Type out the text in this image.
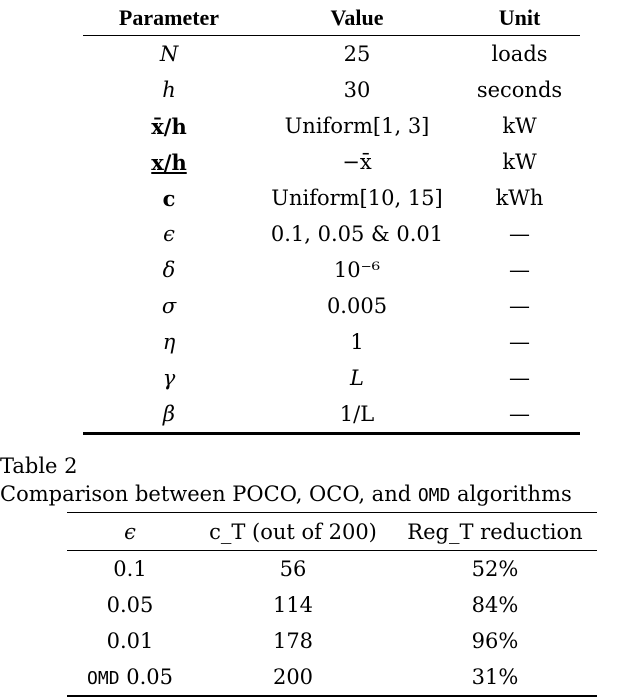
Parameter	Value	Unit
N	25	loads
h	30	seconds
x̄/h	Uniform[1, 3]	kW
x/h	−x̄	kW
c	Uniform[10, 15]	kWh
ϵ	0.1, 0.05 & 0.01	—
δ	10⁻⁶	—
σ	0.005	—
η	1	—
γ	L	—
β	1/L	—
Table 2
Comparison between POCO, OCO, and OMD algorithms
ϵ	c_T (out of 200)	Reg_T reduction
0.1	56	52%
0.05	114	84%
0.01	178	96%
OMD 0.05	200	31%
